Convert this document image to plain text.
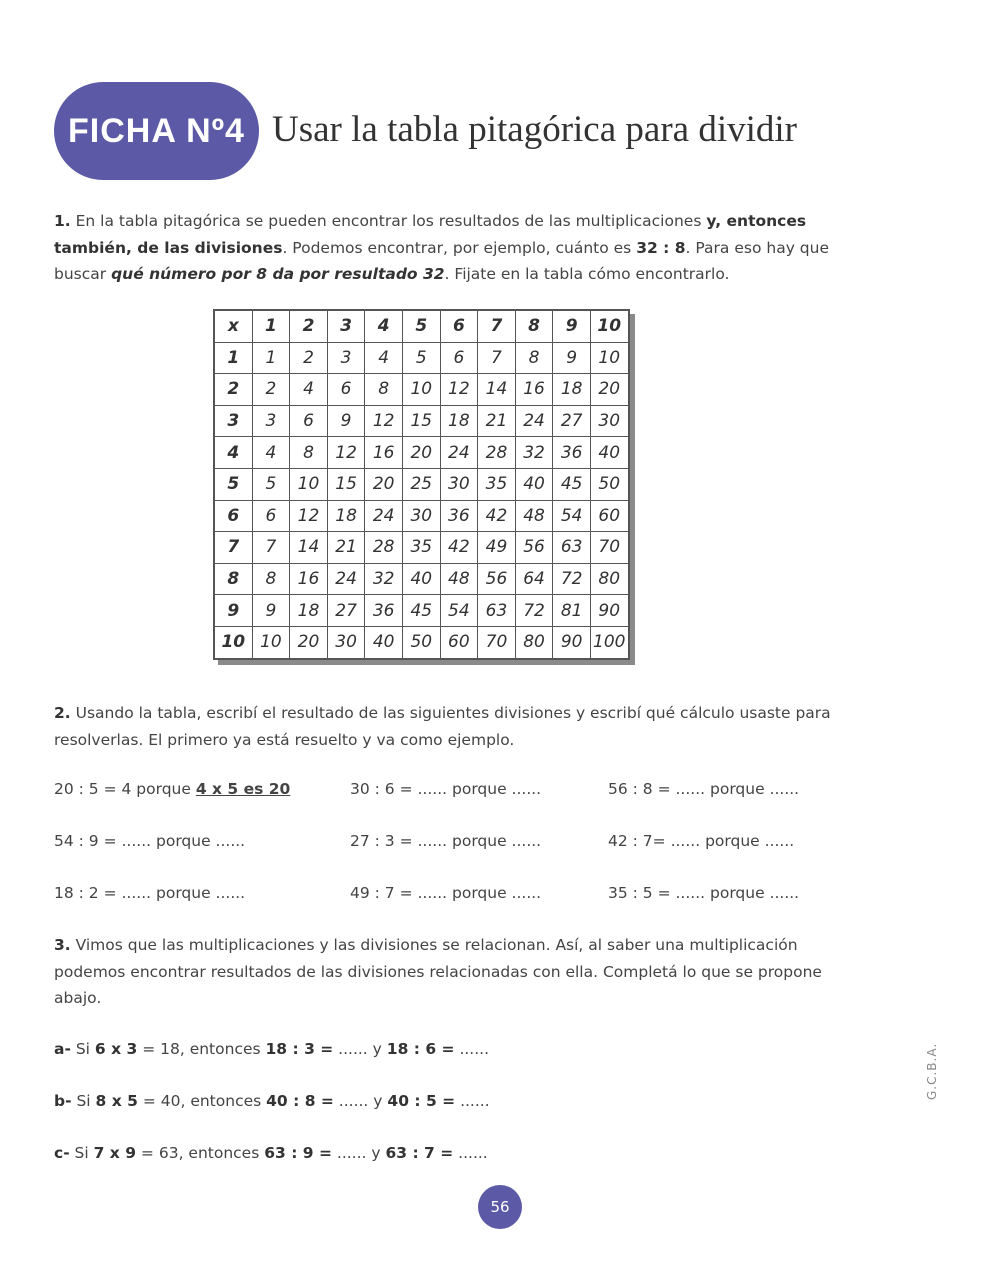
FICHA Nº4 Usar la tabla pitagórica para dividir
1. En la tabla pitagórica se pueden encontrar los resultados de las multiplicaciones y, entonces también, de las divisiones. Podemos encontrar, por ejemplo, cuánto es 32 : 8. Para eso hay que buscar qué número por 8 da por resultado 32. Fijate en la tabla cómo encontrarlo.
x	1	2	3	4	5	6	7	8	9	10
1	1	2	3	4	5	6	7	8	9	10
2	2	4	6	8	10	12	14	16	18	20
3	3	6	9	12	15	18	21	24	27	30
4	4	8	12	16	20	24	28	32	36	40
5	5	10	15	20	25	30	35	40	45	50
6	6	12	18	24	30	36	42	48	54	60
7	7	14	21	28	35	42	49	56	63	70
8	8	16	24	32	40	48	56	64	72	80
9	9	18	27	36	45	54	63	72	81	90
10	10	20	30	40	50	60	70	80	90	100
2. Usando la tabla, escribí el resultado de las siguientes divisiones y escribí qué cálculo usaste para resolverlas. El primero ya está resuelto y va como ejemplo.
20 : 5 = 4 porque 4 x 5 es 20	30 : 6 = ...... porque ......	56 : 8 = ...... porque ......
54 : 9 = ...... porque ......	27 : 3 = ...... porque ......	42 : 7= ...... porque ......
18 : 2 = ...... porque ......	49 : 7 = ...... porque ......	35 : 5 = ...... porque ......
3. Vimos que las multiplicaciones y las divisiones se relacionan. Así, al saber una multiplicación podemos encontrar resultados de las divisiones relacionadas con ella. Completá lo que se propone abajo.
a- Si 6 x 3 = 18, entonces 18 : 3 = ...... y 18 : 6 = ......
b- Si 8 x 5 = 40, entonces 40 : 8 = ...... y 40 : 5 = ......
c- Si 7 x 9 = 63, entonces 63 : 9 = ...... y 63 : 7 = ......
G.C.B.A.
56
